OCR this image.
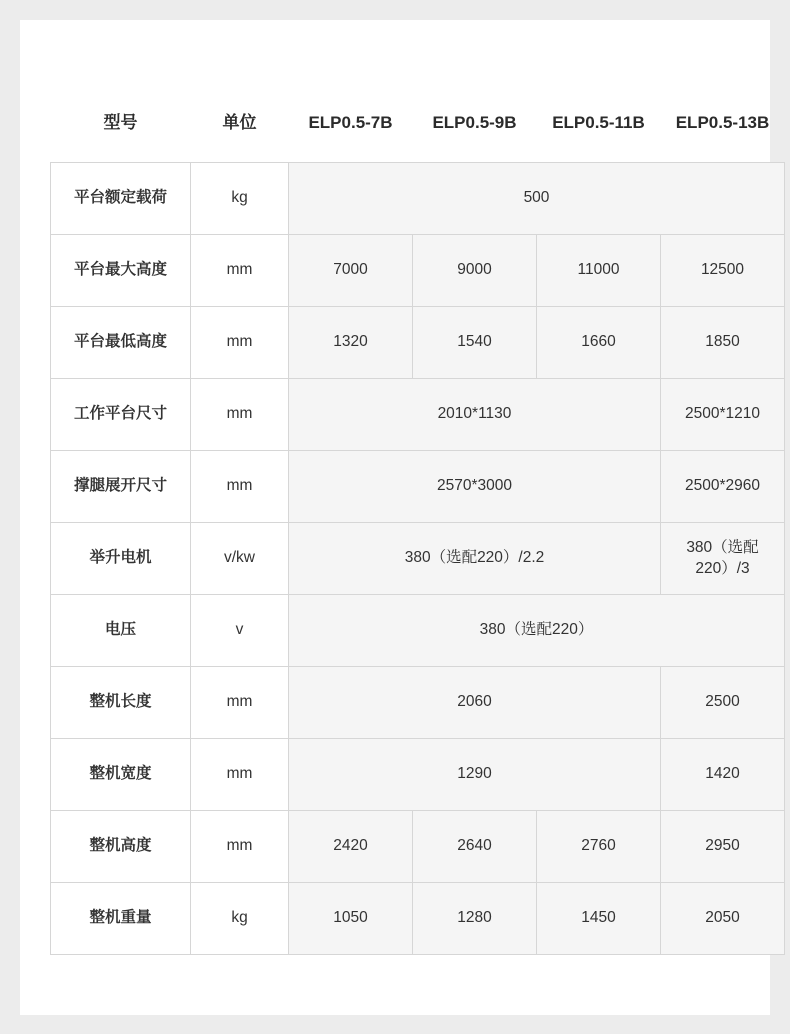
型号	单位	ELP0.5-7B	ELP0.5-9B	ELP0.5-11B	ELP0.5-13B
平台额定载荷	kg	500			
平台最大高度	mm	7000	9000	11000	12500
平台最低高度	mm	1320	1540	1660	1850
工作平台尺寸	mm	2010*1130			2500*1210
撑腿展开尺寸	mm	2570*3000			2500*2960
举升电机	v/kw	380（选配220）/2.2			380（选配220）/3
电压	v	380（选配220）			
整机长度	mm	2060			2500
整机宽度	mm	1290			1420
整机高度	mm	2420	2640	2760	2950
整机重量	kg	1050	1280	1450	2050
